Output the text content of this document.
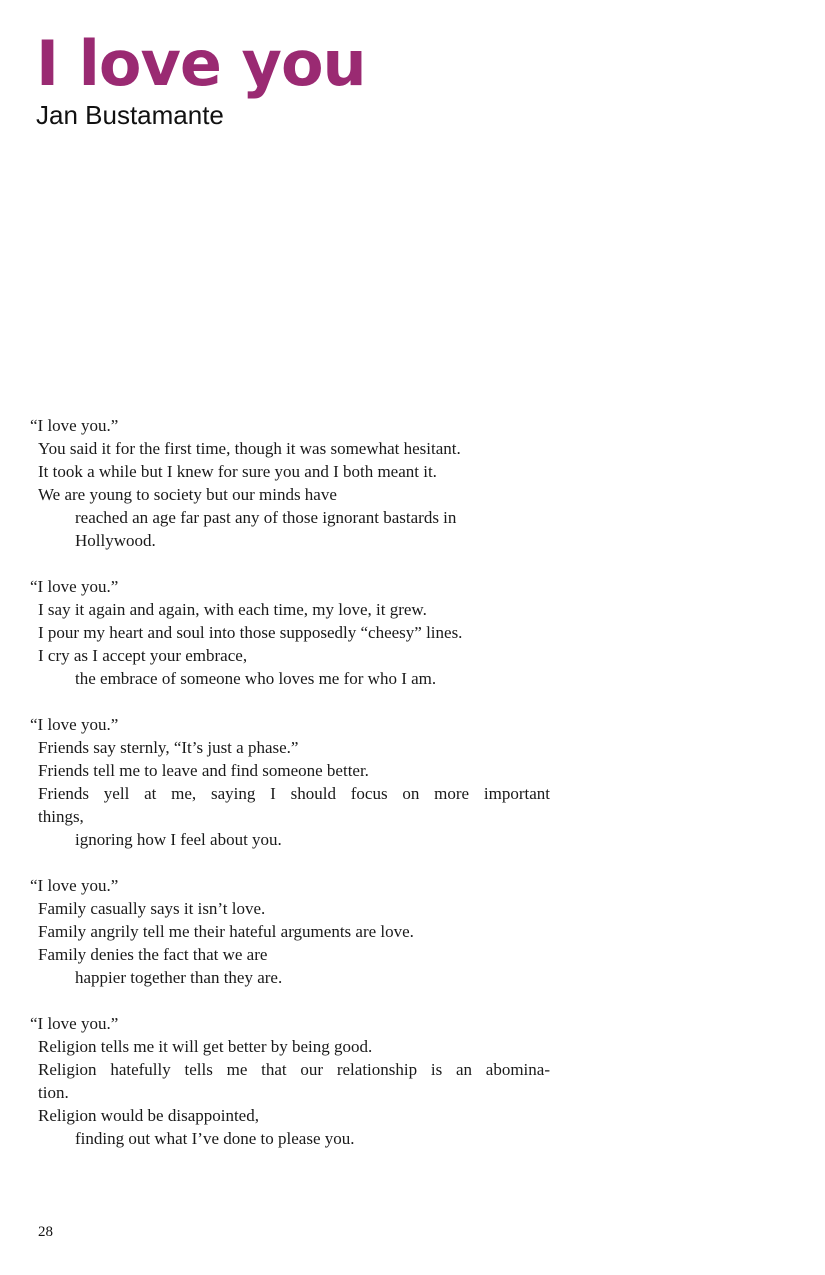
I love you
Jan Bustamante

“I love you.”
You said it for the first time, though it was somewhat hesitant.
It took a while but I knew for sure you and I both meant it.
We are young to society but our minds have
reached an age far past any of those ignorant bastards in
Hollywood.

“I love you.”
I say it again and again, with each time, my love, it grew.
I pour my heart and soul into those supposedly “cheesy” lines.
I cry as I accept your embrace,
the embrace of someone who loves me for who I am.

“I love you.”
Friends say sternly, “It’s just a phase.”
Friends tell me to leave and find someone better.
Friends yell at me, saying I should focus on more important
things,
ignoring how I feel about you.

“I love you.”
Family casually says it isn’t love.
Family angrily tell me their hateful arguments are love.
Family denies the fact that we are
happier together than they are.

“I love you.”
Religion tells me it will get better by being good.
Religion hatefully tells me that our relationship is an abomina-
tion.
Religion would be disappointed,
finding out what I’ve done to please you.

28
